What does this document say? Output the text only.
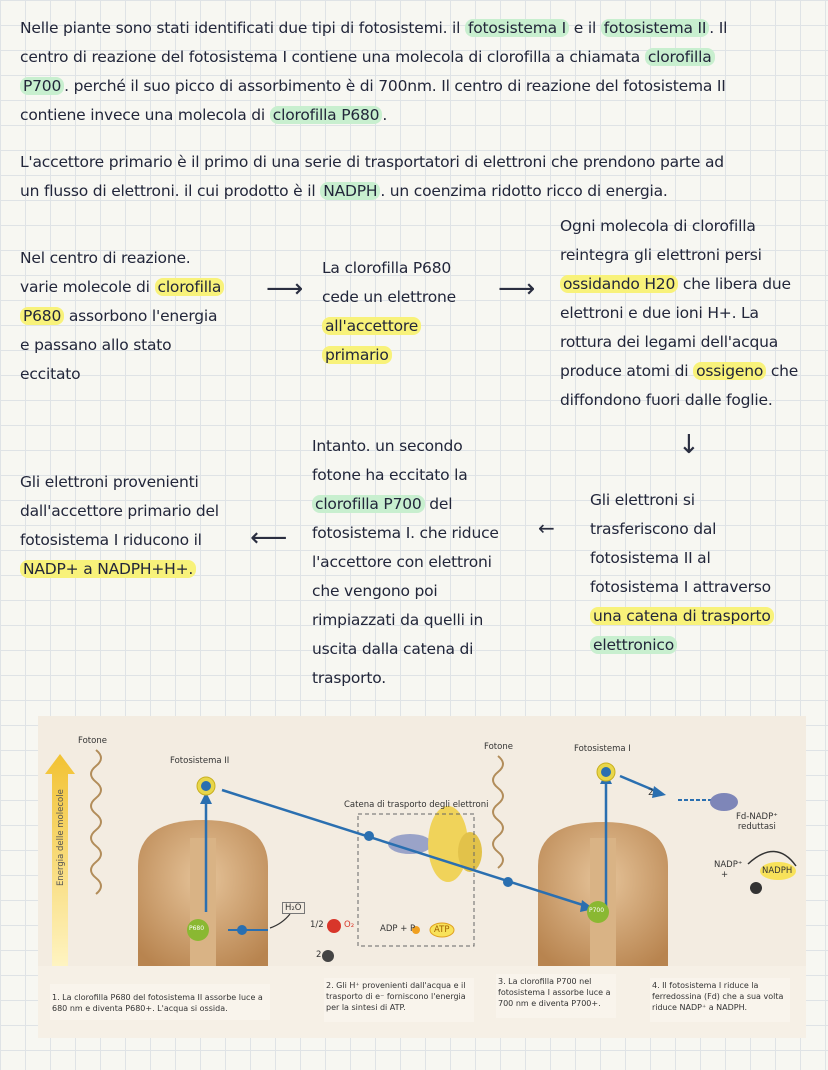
Nelle piante sono stati identificati due tipi di fotosistemi. il fotosistema I e il fotosistema II . Il
centro di reazione del fotosistema I contiene una molecola di clorofilla a chiamata clorofilla
P700 . perché il suo picco di assorbimento è di 700nm. Il centro di reazione del fotosistema II
contiene invece una molecola di clorofilla P680 .
L'accettore primario è il primo di una serie di trasportatori di elettroni che prendono parte ad
un flusso di elettroni. il cui prodotto è il NADPH . un coenzima ridotto ricco di energia.
Nel centro di reazione.
varie molecole di clorofilla
P680 assorbono l'energia
e passano allo stato
eccitato
⟶
La clorofilla P680
cede un elettrone
all'accettore
primario
⟶
Ogni molecola di clorofilla
reintegra gli elettroni persi
ossidando H20 che libera due
elettroni e due ioni H+. La
rottura dei legami dell'acqua
produce atomi di ossigeno che
diffondono fuori dalle foglie.
↓
Gli elettroni si
trasferiscono dal
fotosistema II al
fotosistema I attraverso
una catena di trasporto
elettronico
←
Intanto. un secondo
fotone ha eccitato la
clorofilla P700 del
fotosistema I. che riduce
l'accettore con elettroni
che vengono poi
rimpiazzati da quelli in
uscita dalla catena di
trasporto.
⟵
Gli elettroni provenienti
dall'accettore primario del
fotosistema I riducono il
NADP+ a NADPH+H+.
Energia delle molecole
Fotone
Fotone
Fotosistema II
Fotosistema I
Catena di trasporto degli elettroni
H₂O
1/2 O₂
2
ADP + P ATP
Fd-NADP⁺
reduttasi
NADP⁺
+	NADPH
2
P680
P700
1. La clorofilla P680 del fotosistema II assorbe luce a 680 nm e diventa P680+. L'acqua si ossida.
2. Gli H⁺ provenienti dall'acqua e il trasporto di e⁻ forniscono l'energia per la sintesi di ATP.
3. La clorofilla P700 nel fotosistema I assorbe luce a 700 nm e diventa P700+.
4. Il fotosistema I riduce la ferredossina (Fd) che a sua volta riduce NADP⁺ a NADPH.
